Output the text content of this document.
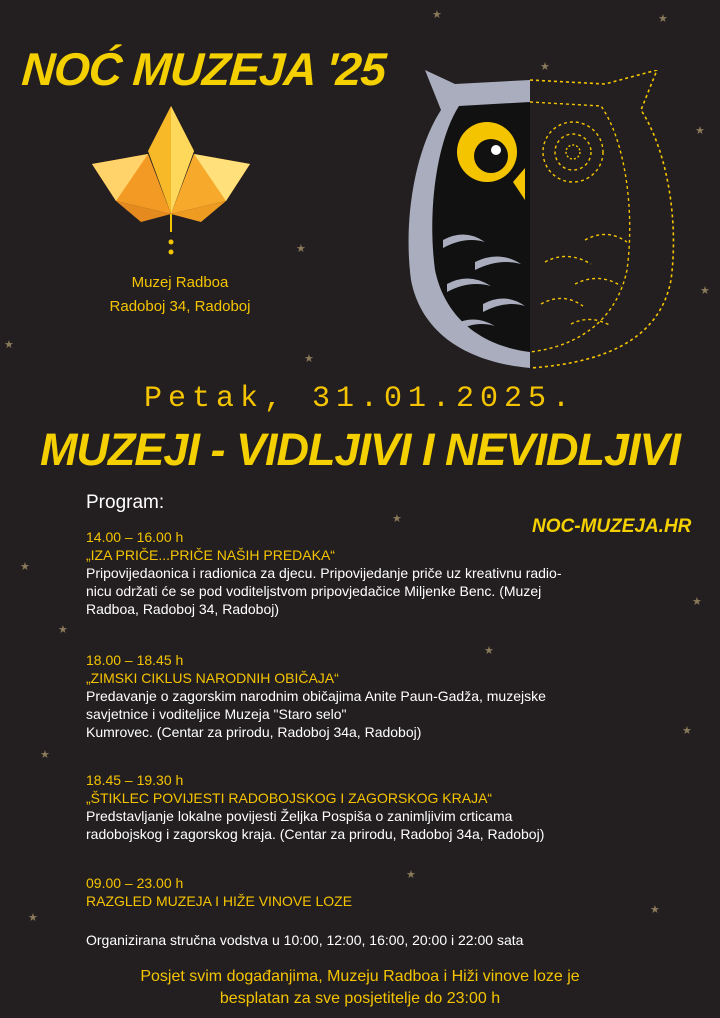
★	★
★
★
★
★
★
★
★
★
★
★
★
★
★
★
★
★
NOĆ MUZEJA '25
Muzej Radboa
Radoboj 34, Radoboj
Petak, 31.01.2025.
MUZEJI - VIDLJIVI I NEVIDLJIVI
Program:
NOC-MUZEJA.HR
14.00 – 16.00 h
„IZA PRIČE...PRIČE NAŠIH PREDAKA“
Pripovijedaonica i radionica za djecu. Pripovijedanje priče uz kreativnu radio-
nicu održati će se pod voditeljstvom pripovjedačice Miljenke Benc. (Muzej
Radboa, Radoboj 34, Radoboj)
18.00 – 18.45 h
„ZIMSKI CIKLUS NARODNIH OBIČAJA“
Predavanje o zagorskim narodnim običajima Anite Paun-Gadža, muzejske
savjetnice i voditeljice Muzeja "Staro selo"
Kumrovec. (Centar za prirodu, Radoboj 34a, Radoboj)
18.45 – 19.30 h
„ŠTIKLEC POVIJESTI RADOBOJSKOG I ZAGORSKOG KRAJA“
Predstavljanje lokalne povijesti Željka Pospiša o zanimljivim crticama
radobojskog i zagorskog kraja. (Centar za prirodu, Radoboj 34a, Radoboj)
09.00 – 23.00 h
RAZGLED MUZEJA I HIŽE VINOVE LOZE
Organizirana stručna vodstva u 10:00, 12:00, 16:00, 20:00 i 22:00 sata
Posjet svim događanjima, Muzeju Radboa i Hiži vinove loze je
besplatan za sve posjetitelje do 23:00 h
